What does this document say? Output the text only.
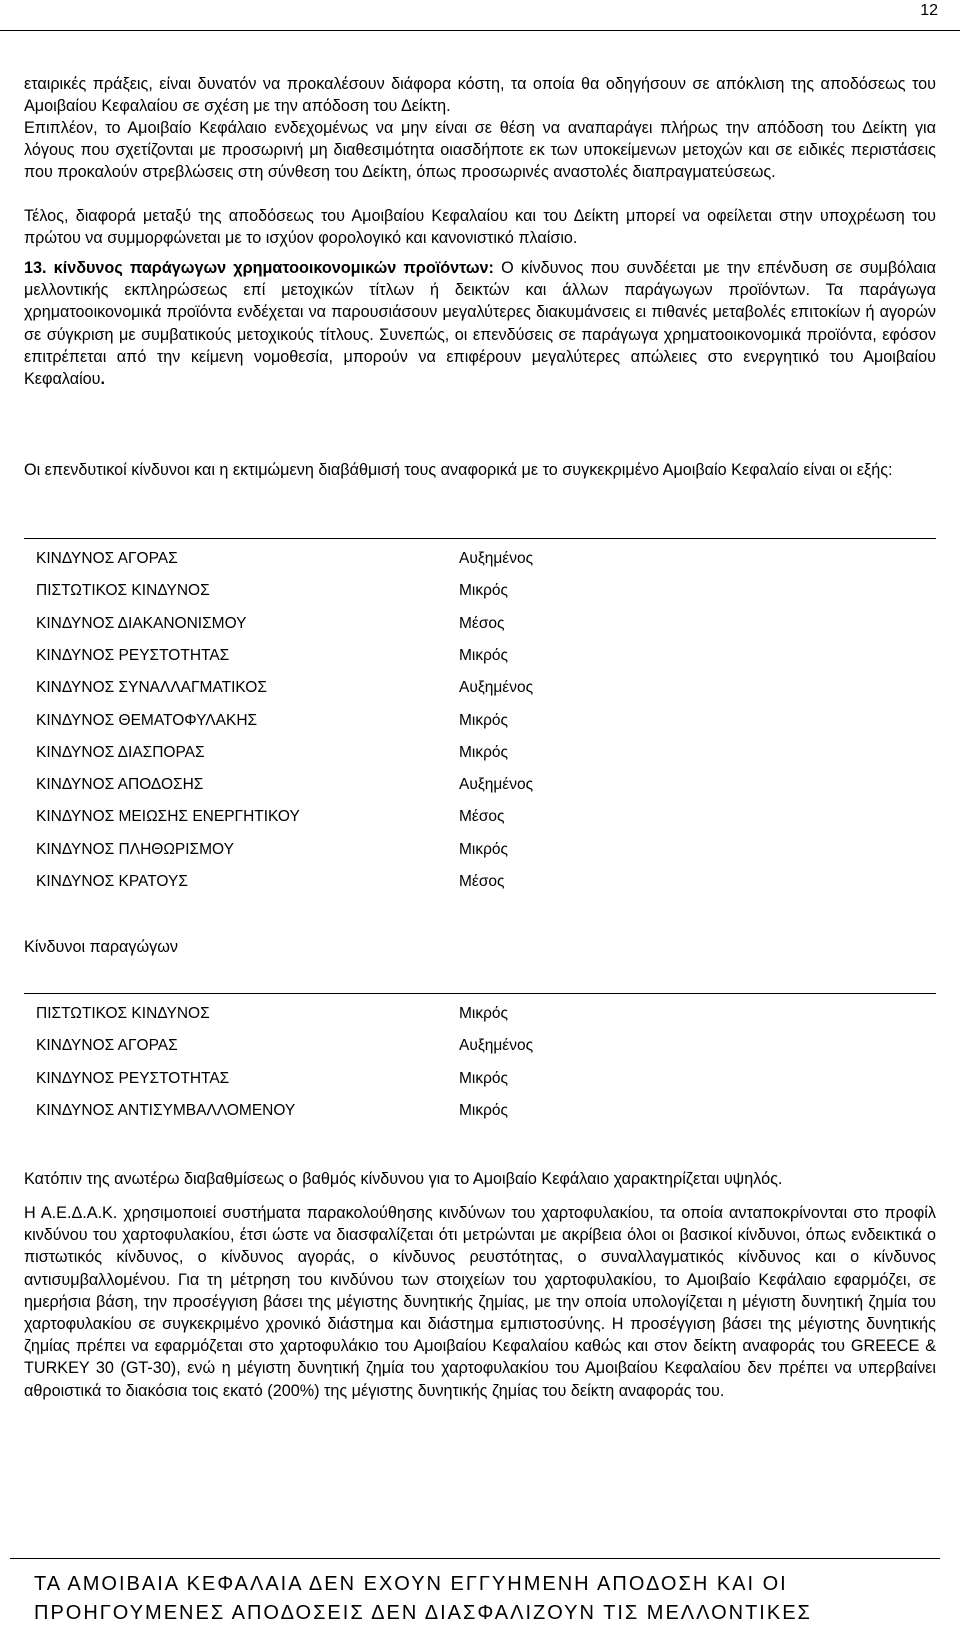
12

εταιρικές πράξεις, είναι δυνατόν να προκαλέσουν διάφορα κόστη, τα οποία θα οδηγήσουν σε απόκλιση της αποδόσεως του Αμοιβαίου Κεφαλαίου σε σχέση με την απόδοση του Δείκτη.

Επιπλέον, το Αμοιβαίο Κεφάλαιο ενδεχομένως να μην είναι σε θέση να αναπαράγει πλήρως την απόδοση του Δείκτη για λόγους που σχετίζονται με προσωρινή μη διαθεσιμότητα οιασδήποτε εκ των υποκείμενων μετοχών και σε ειδικές περιστάσεις που προκαλούν στρεβλώσεις στη σύνθεση του Δείκτη, όπως προσωρινές αναστολές διαπραγματεύσεως.

Τέλος, διαφορά μεταξύ της αποδόσεως του Αμοιβαίου Κεφαλαίου και του Δείκτη μπορεί να οφείλεται στην υποχρέωση του πρώτου να συμμορφώνεται με το ισχύον φορολογικό και κανονιστικό πλαίσιο.

13. κίνδυνος παράγωγων χρηματοοικονομικών προϊόντων: Ο κίνδυνος που συνδέεται με την επένδυση σε συμβόλαια μελλοντικής εκπληρώσεως επί μετοχικών τίτλων ή δεικτών και άλλων παράγωγων προϊόντων. Τα παράγωγα χρηματοοικονομικά προϊόντα ενδέχεται να παρουσιάσουν μεγαλύτερες διακυμάνσεις ει πιθανές μεταβολές επιτοκίων ή αγορών σε σύγκριση με συμβατικούς μετοχικούς τίτλους. Συνεπώς, οι επενδύσεις σε παράγωγα χρηματοοικονομικά προϊόντα, εφόσον επιτρέπεται από την κείμενη νομοθεσία, μπορούν να επιφέρουν μεγαλύτερες απώλειες στο ενεργητικό του Αμοιβαίου Κεφαλαίου.

Οι επενδυτικοί κίνδυνοι και η εκτιμώμενη διαβάθμισή τους αναφορικά με το συγκεκριμένο Αμοιβαίο Κεφαλαίο είναι οι εξής:

ΚΙΝΔΥΝΟΣ ΑΓΟΡΑΣ	Αυξημένος
ΠΙΣΤΩΤΙΚΟΣ ΚΙΝΔΥΝΟΣ	Μικρός
ΚΙΝΔΥΝΟΣ ΔΙΑΚΑΝΟΝΙΣΜΟΥ	Μέσος
ΚΙΝΔΥΝΟΣ ΡΕΥΣΤΟΤΗΤΑΣ	Μικρός
ΚΙΝΔΥΝΟΣ ΣΥΝΑΛΛΑΓΜΑΤΙΚΟΣ	Αυξημένος
ΚΙΝΔΥΝΟΣ ΘΕΜΑΤΟΦΥΛΑΚΗΣ	Μικρός
ΚΙΝΔΥΝΟΣ ΔΙΑΣΠΟΡΑΣ	Μικρός
ΚΙΝΔΥΝΟΣ ΑΠΟΔΟΣΗΣ	Αυξημένος
ΚΙΝΔΥΝΟΣ ΜΕΙΩΣΗΣ ΕΝΕΡΓΗΤΙΚΟΥ	Μέσος
ΚΙΝΔΥΝΟΣ ΠΛΗΘΩΡΙΣΜΟΥ	Μικρός
ΚΙΝΔΥΝΟΣ ΚΡΑΤΟΥΣ	Μέσος
Κίνδυνοι παραγώγων
ΠΙΣΤΩΤΙΚΟΣ ΚΙΝΔΥΝΟΣ	Μικρός
ΚΙΝΔΥΝΟΣ ΑΓΟΡΑΣ	Αυξημένος
ΚΙΝΔΥΝΟΣ ΡΕΥΣΤΟΤΗΤΑΣ	Μικρός
ΚΙΝΔΥΝΟΣ ΑΝΤΙΣΥΜΒΑΛΛΟΜΕΝΟΥ	Μικρός

Κατόπιν της ανωτέρω διαβαθμίσεως ο βαθμός κίνδυνου για το Αμοιβαίο Κεφάλαιο χαρακτηρίζεται υψηλός.

Η Α.Ε.Δ.Α.Κ. χρησιμοποιεί συστήματα παρακολούθησης κινδύνων του χαρτοφυλακίου, τα οποία ανταποκρίνονται στο προφίλ κινδύνου του χαρτοφυλακίου, έτσι ώστε να διασφαλίζεται ότι μετρώνται με ακρίβεια όλοι οι βασικοί κίνδυνοι, όπως ενδεικτικά ο πιστωτικός κίνδυνος, ο κίνδυνος αγοράς, ο κίνδυνος ρευστότητας, ο συναλλαγματικός κίνδυνος και ο κίνδυνος αντισυμβαλλομένου. Για τη μέτρηση του κινδύνου των στοιχείων του χαρτοφυλακίου, το Αμοιβαίο Κεφάλαιο εφαρμόζει, σε ημερήσια βάση, την προσέγγιση βάσει της μέγιστης δυνητικής ζημίας, με την οποία υπολογίζεται η μέγιστη δυνητική ζημία του χαρτοφυλακίου σε συγκεκριμένο χρονικό διάστημα και διάστημα εμπιστοσύνης. Η προσέγγιση βάσει της μέγιστης δυνητικής ζημίας πρέπει να εφαρμόζεται στο χαρτοφυλάκιο του Αμοιβαίου Κεφαλαίου καθώς και στον δείκτη αναφοράς του GREECE & TURKEY 30 (GT-30), ενώ η μέγιστη δυνητική ζημία του χαρτοφυλακίου του Αμοιβαίου Κεφαλαίου δεν πρέπει να υπερβαίνει αθροιστικά το διακόσια τοις εκατό (200%) της μέγιστης δυνητικής ζημίας του δείκτη αναφοράς του.

ΤΑ ΑΜΟΙΒΑΙΑ ΚΕΦΑΛΑΙΑ ΔΕΝ ΕΧΟΥΝ ΕΓΓΥΗΜΕΝΗ ΑΠΟΔΟΣΗ ΚΑΙ ΟΙ
ΠΡΟΗΓΟΥΜΕΝΕΣ ΑΠΟΔΟΣΕΙΣ ΔΕΝ ΔΙΑΣΦΑΛΙΖΟΥΝ ΤΙΣ ΜΕΛΛΟΝΤΙΚΕΣ
